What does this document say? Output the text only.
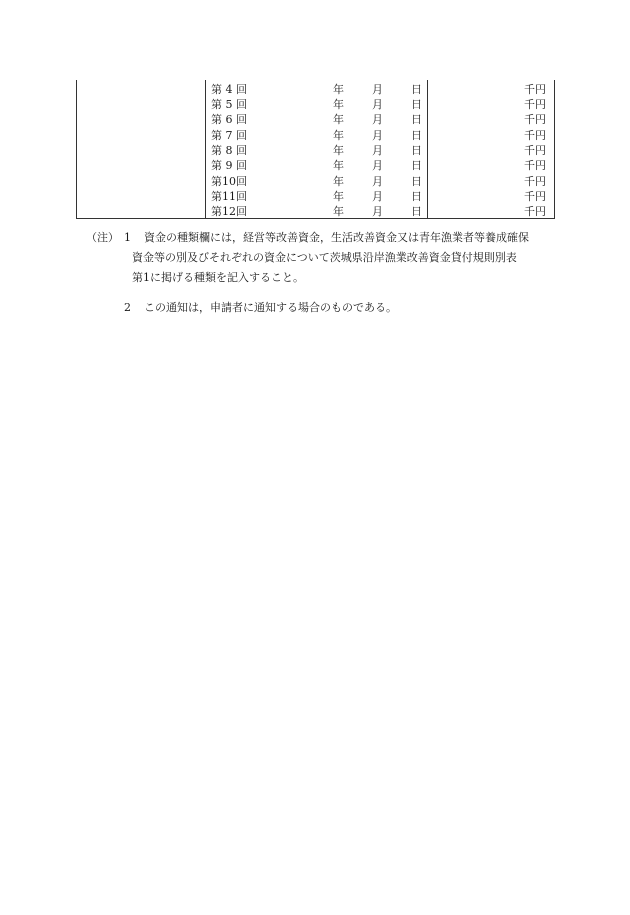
第 4 回	年	月	日	千円
第 5 回	年	月	日	千円
第 6 回	年	月	日	千円
第 7 回	年	月	日	千円
第 8 回	年	月	日	千円
第 9 回	年	月	日	千円
第10回	年	月	日	千円
第11回	年	月	日	千円
第12回	年	月	日	千円
（注） 1 資金の種類欄には，経営等改善資金，生活改善資金又は青年漁業者等養成確保
資金等の別及びそれぞれの資金について茨城県沿岸漁業改善資金貸付規則別表
第1に掲げる種類を記入すること。
2 この通知は，申請者に通知する場合のものである。
